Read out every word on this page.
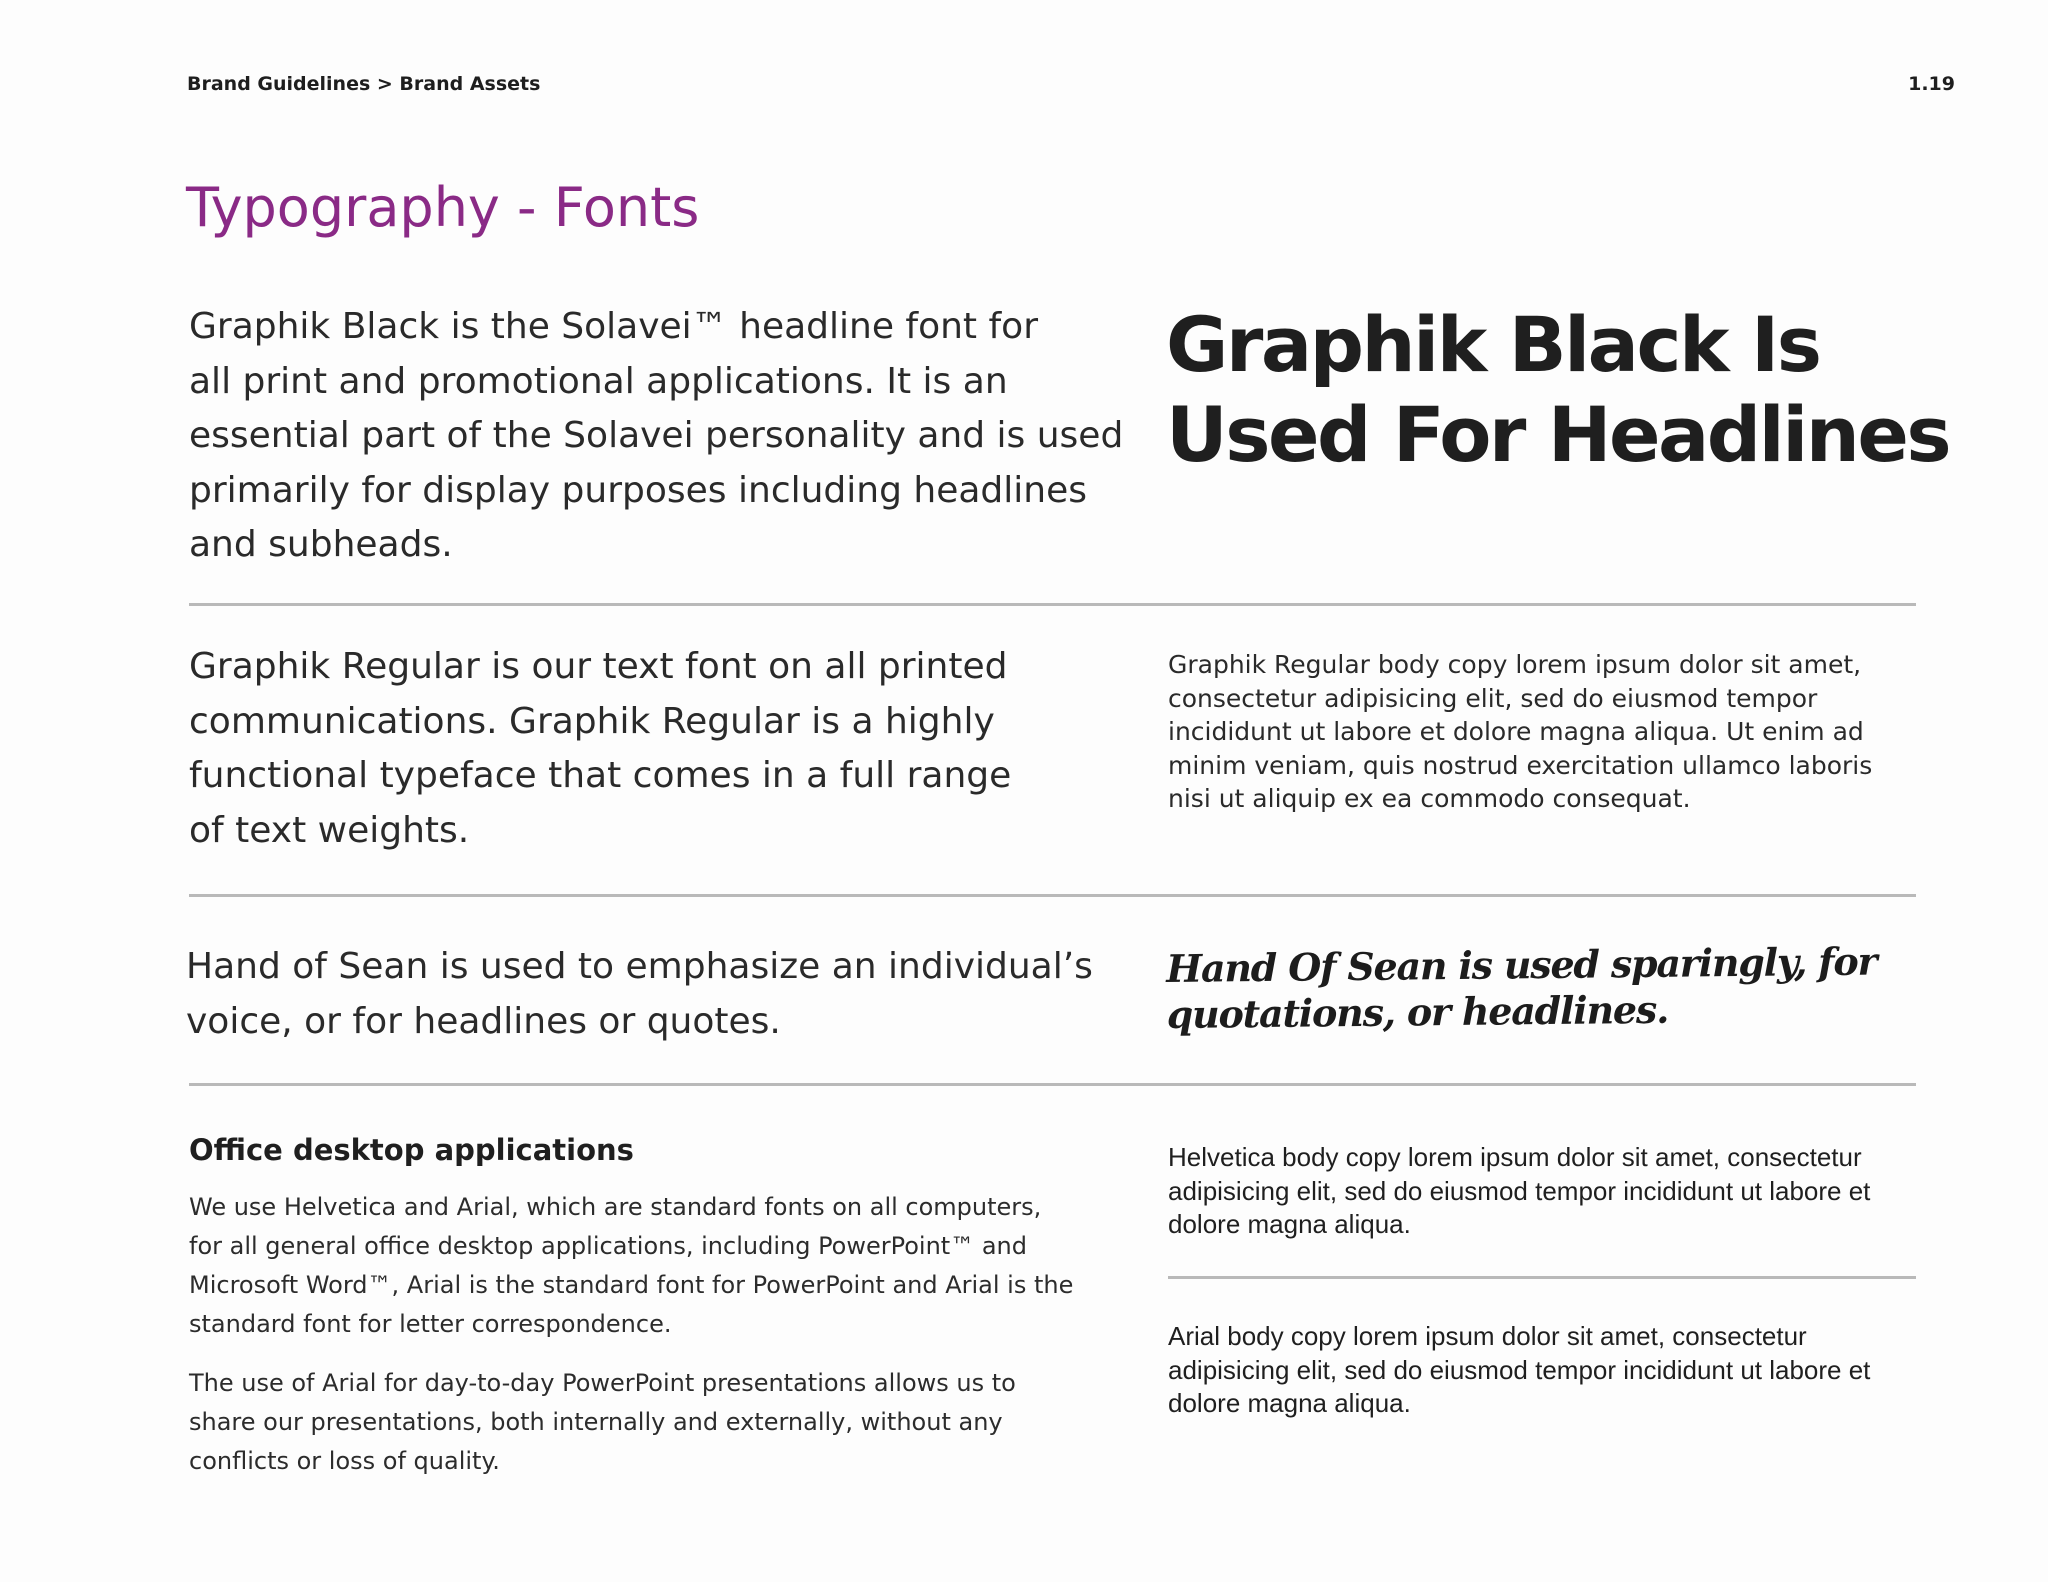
Brand Guidelines > Brand Assets	1.19
Typography - Fonts

Graphik Black is the Solavei™ headline font for
all print and promotional applications. It is an
essential part of the Solavei personality and is used
primarily for display purposes including headlines
and subheads.

Graphik Black Is
Used For Headlines

Graphik Regular is our text font on all printed
communications. Graphik Regular is a highly
functional typeface that comes in a full range
of text weights.

Graphik Regular body copy lorem ipsum dolor sit amet,
consectetur adipisicing elit, sed do eiusmod tempor
incididunt ut labore et dolore magna aliqua. Ut enim ad
minim veniam, quis nostrud exercitation ullamco laboris
nisi ut aliquip ex ea commodo consequat.

Hand of Sean is used to emphasize an individual’s
voice, or for headlines or quotes.

Hand Of Sean is used sparingly, for
quotations, or headlines.

Office desktop applications

We use Helvetica and Arial, which are standard fonts on all computers,
for all general office desktop applications, including PowerPoint™ and
Microsoft Word™, Arial is the standard font for PowerPoint and Arial is the
standard font for letter correspondence.

The use of Arial for day-to-day PowerPoint presentations allows us to
share our presentations, both internally and externally, without any
conflicts or loss of quality.

Helvetica body copy lorem ipsum dolor sit amet, consectetur
adipisicing elit, sed do eiusmod tempor incididunt ut labore et
dolore magna aliqua.

Arial body copy lorem ipsum dolor sit amet, consectetur
adipisicing elit, sed do eiusmod tempor incididunt ut labore et
dolore magna aliqua.
